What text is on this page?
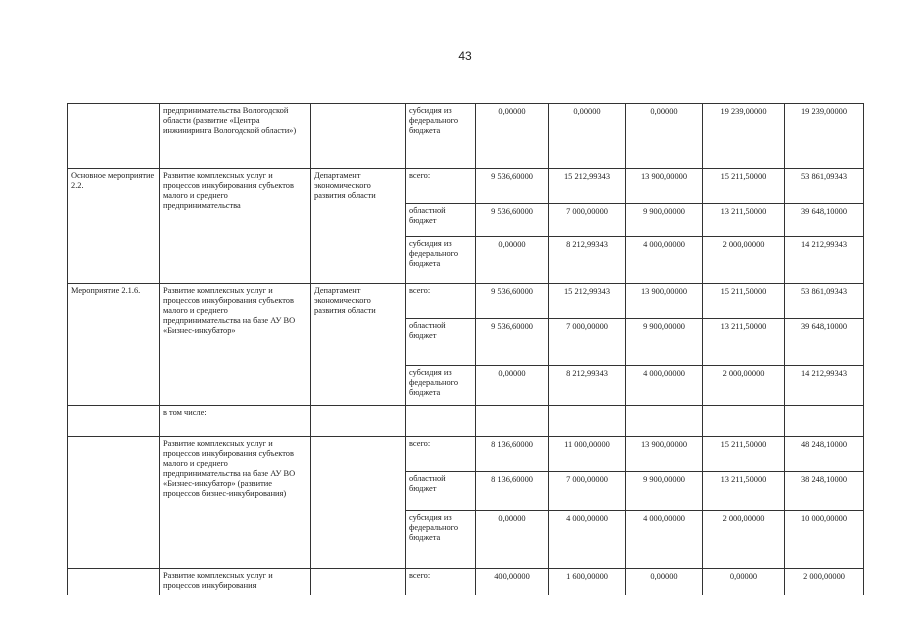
43
	предпринимательства Вологодской области (развитие «Центра инжиниринга Вологодской области»)		субсидия из федерального бюджета	0,00000	0,00000	0,00000	19 239,00000	19 239,00000
Основное мероприятие 2.2.	Развитие комплексных услуг и процессов инкубирования субъектов малого и среднего предпринимательства	Департамент экономического развития области	всего:	9 536,60000	15 212,99343	13 900,00000	15 211,50000	53 861,09343
			областной бюджет	9 536,60000	7 000,00000	9 900,00000	13 211,50000	39 648,10000
			субсидия из федерального бюджета	0,00000	8 212,99343	4 000,00000	2 000,00000	14 212,99343
Мероприятие 2.1.6.	Развитие комплексных услуг и процессов инкубирования субъектов малого и среднего предпринимательства на базе АУ ВО «Бизнес-инкубатор»	Департамент экономического развития области	всего:	9 536,60000	15 212,99343	13 900,00000	15 211,50000	53 861,09343
			областной бюджет	9 536,60000	7 000,00000	9 900,00000	13 211,50000	39 648,10000
			субсидия из федерального бюджета	0,00000	8 212,99343	4 000,00000	2 000,00000	14 212,99343
	в том числе:							
	Развитие комплексных услуг и процессов инкубирования субъектов малого и среднего предпринимательства на базе АУ ВО «Бизнес-инкубатор» (развитие процессов бизнес-инкубирования)		всего:	8 136,60000	11 000,00000	13 900,00000	15 211,50000	48 248,10000
			областной бюджет	8 136,60000	7 000,00000	9 900,00000	13 211,50000	38 248,10000
			субсидия из федерального бюджета	0,00000	4 000,00000	4 000,00000	2 000,00000	10 000,00000
	Развитие комплексных услуг и процессов инкубирования		всего:	400,00000	1 600,00000	0,00000	0,00000	2 000,00000
